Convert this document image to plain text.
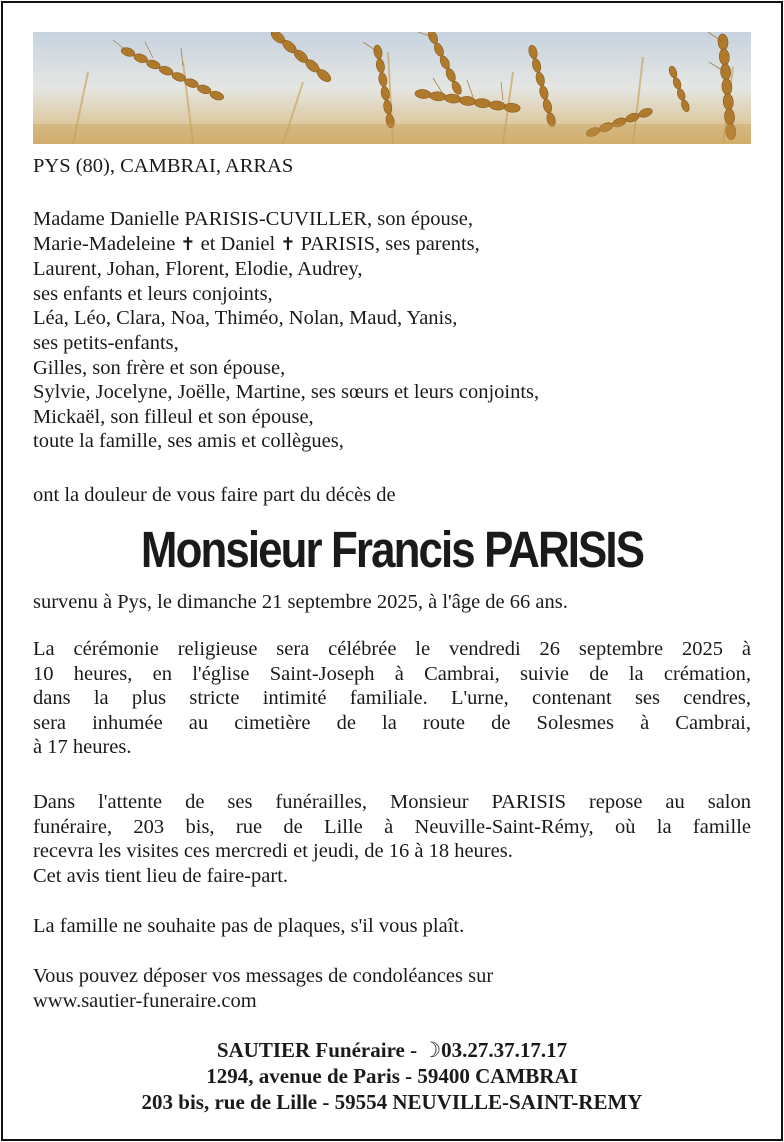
PYS (80), CAMBRAI, ARRAS
Madame Danielle PARISIS-CUVILLER, son épouse,
Marie-Madeleine ✝ et Daniel ✝ PARISIS, ses parents,
Laurent, Johan, Florent, Elodie, Audrey,
ses enfants et leurs conjoints,
Léa, Léo, Clara, Noa, Thiméo, Nolan, Maud, Yanis,
ses petits-enfants,
Gilles, son frère et son épouse,
Sylvie, Jocelyne, Joëlle, Martine, ses sœurs et leurs conjoints,
Mickaël, son filleul et son épouse,
toute la famille, ses amis et collègues,
ont la douleur de vous faire part du décès de
Monsieur Francis PARISIS
survenu à Pys, le dimanche 21 septembre 2025, à l'âge de 66 ans.
La cérémonie religieuse sera célébrée le vendredi 26 septembre 2025 à
10 heures, en l'église Saint-Joseph à Cambrai, suivie de la crémation,
dans la plus stricte intimité familiale. L'urne, contenant ses cendres,
sera inhumée au cimetière de la route de Solesmes à Cambrai,
à 17 heures.
Dans l'attente de ses funérailles, Monsieur PARISIS repose au salon
funéraire, 203 bis, rue de Lille à Neuville-Saint-Rémy, où la famille
recevra les visites ces mercredi et jeudi, de 16 à 18 heures.
Cet avis tient lieu de faire-part.
La famille ne souhaite pas de plaques, s'il vous plaît.
Vous pouvez déposer vos messages de condoléances sur
www.sautier-funeraire.com
SAUTIER Funéraire - ☽03.27.37.17.17
1294, avenue de Paris - 59400 CAMBRAI
203 bis, rue de Lille - 59554 NEUVILLE-SAINT-REMY
